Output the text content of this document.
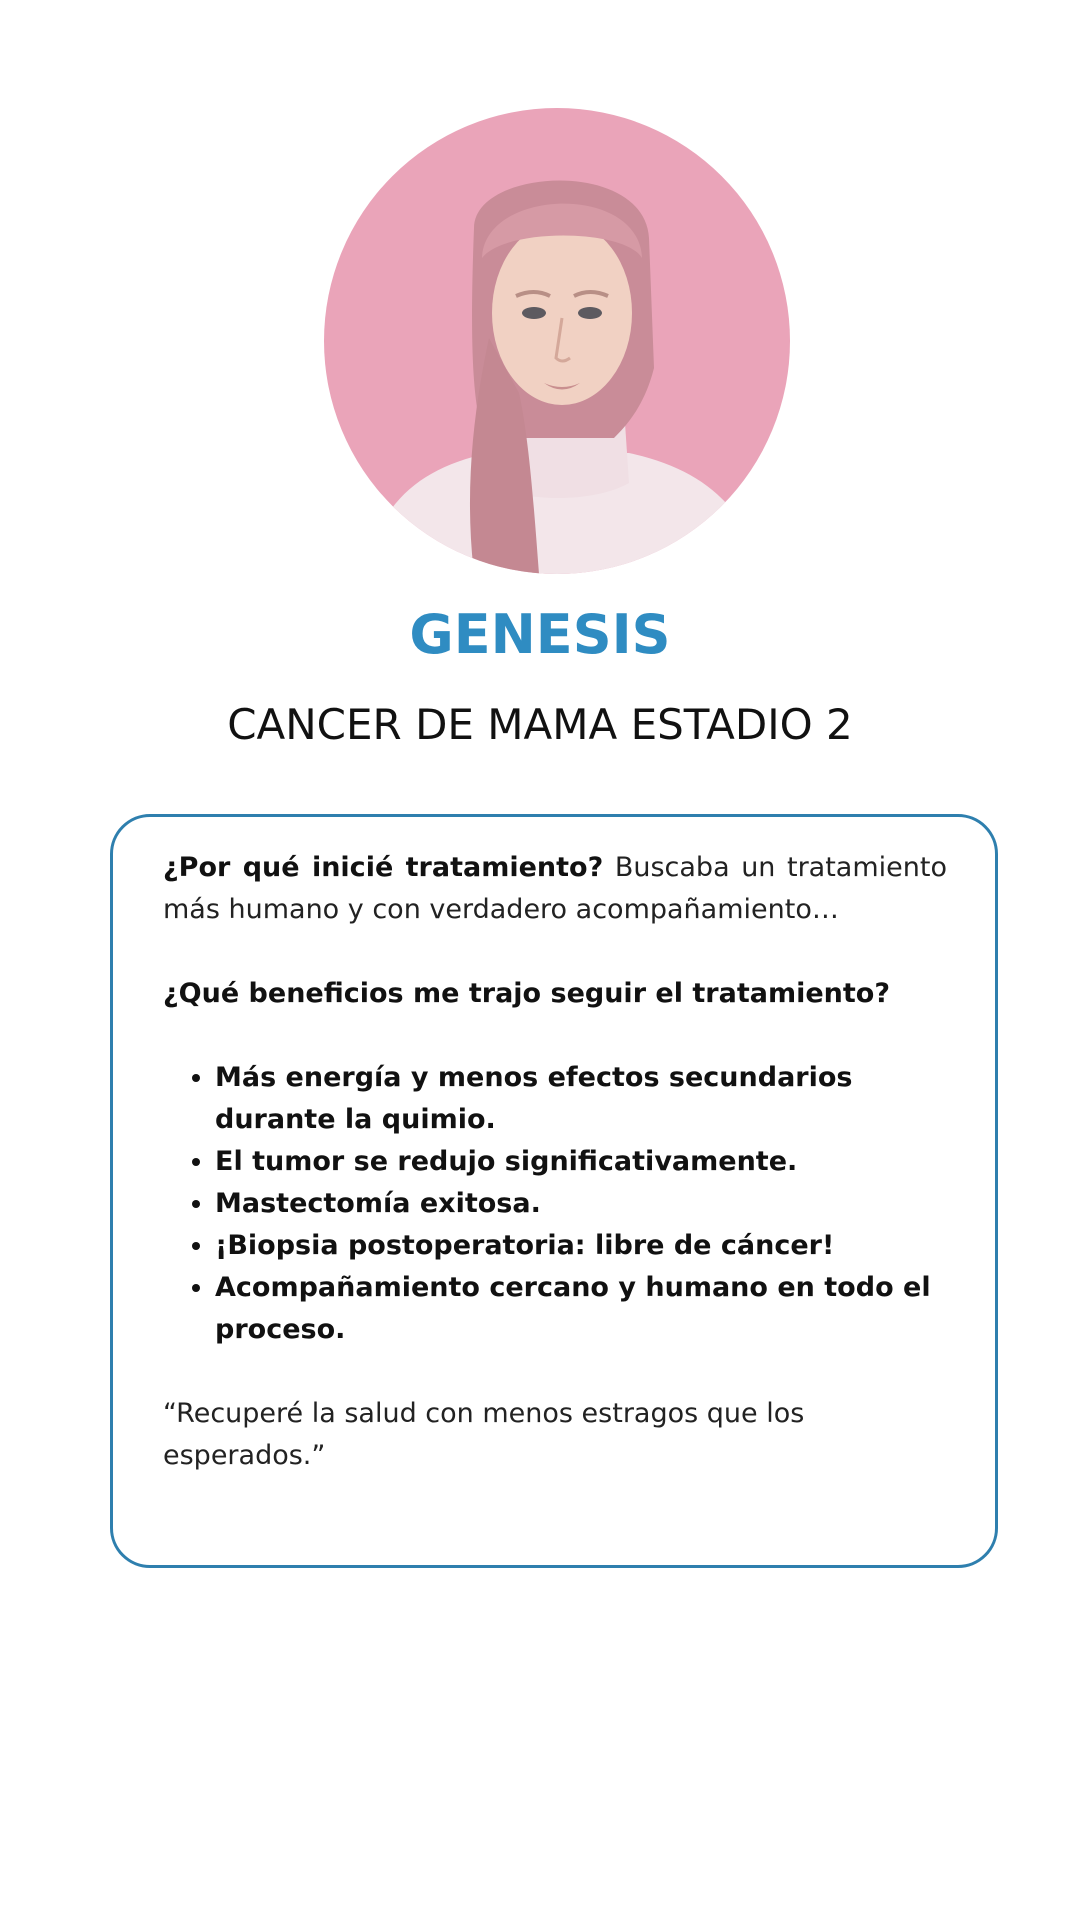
GENESIS
CANCER DE MAMA ESTADIO 2

¿Por qué inicié tratamiento? Buscaba un tratamiento más humano y con verdadero acompañamiento…

¿Qué beneficios me trajo seguir el tratamiento?

• Más energía y menos efectos secundarios durante la quimio.
• El tumor se redujo significativamente.
• Mastectomía exitosa.
• ¡Biopsia postoperatoria: libre de cáncer!
• Acompañamiento cercano y humano en todo el proceso.

“Recuperé la salud con menos estragos que los esperados.”
